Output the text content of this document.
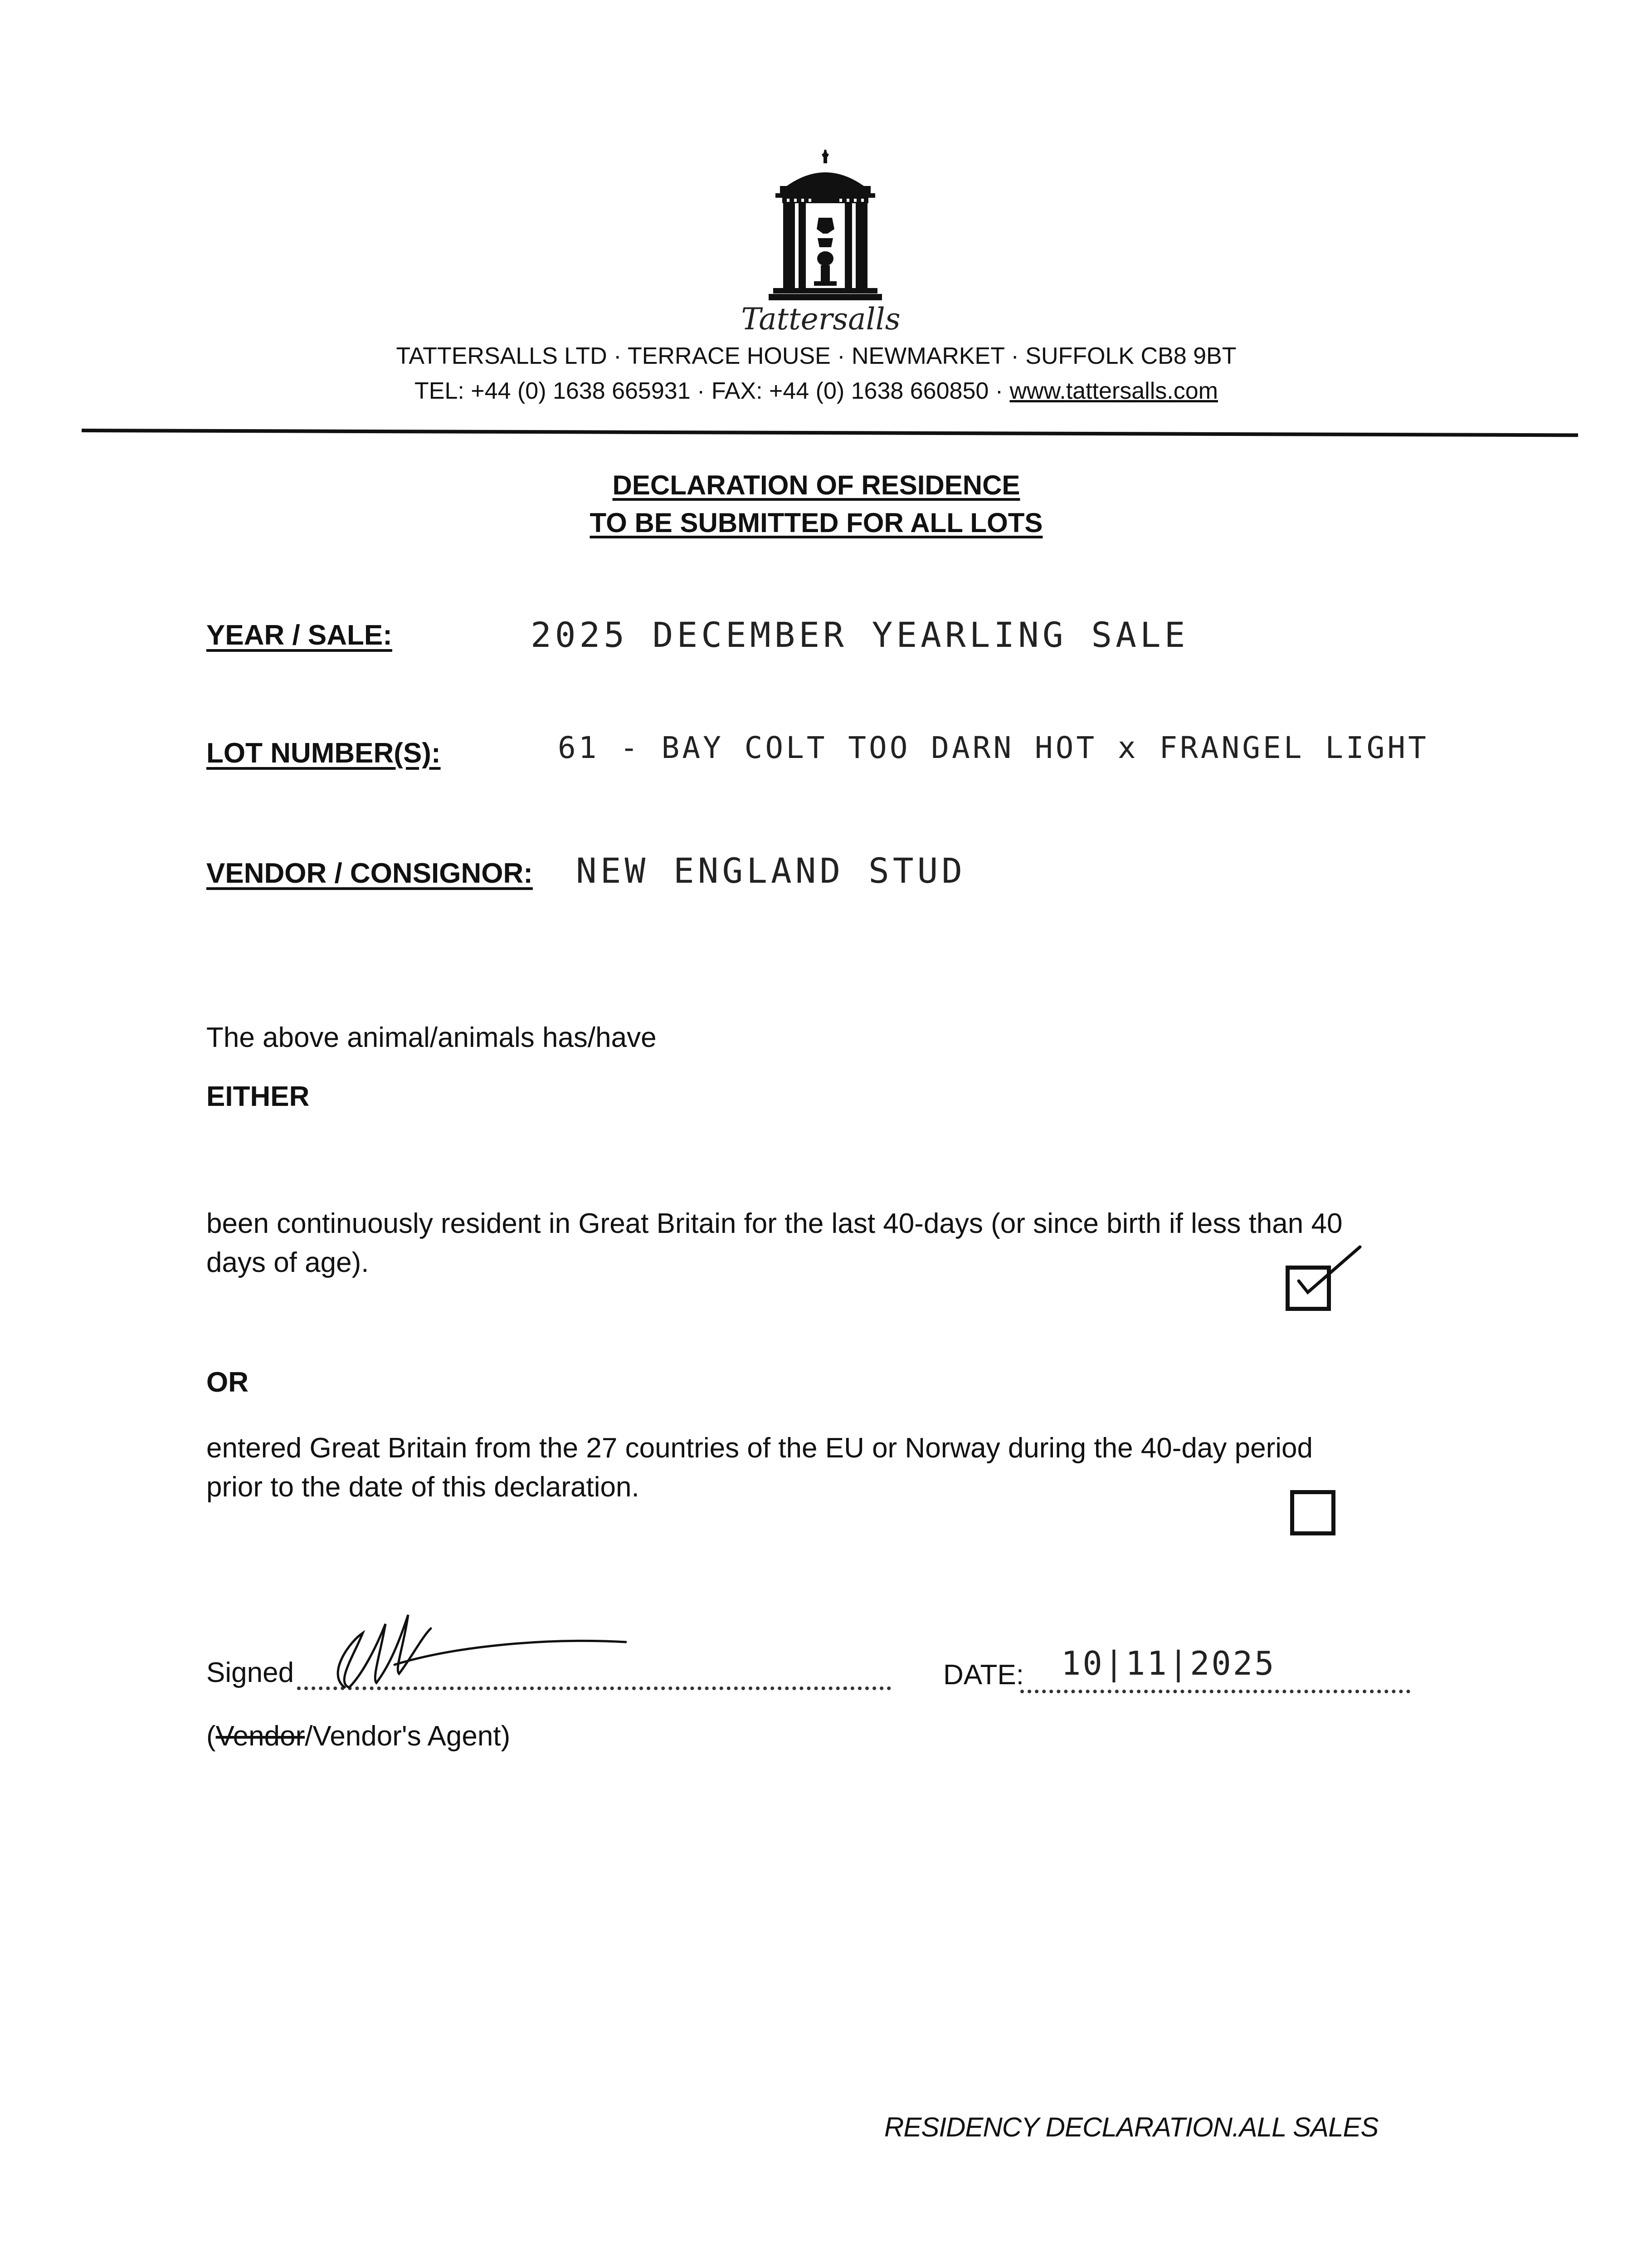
Tattersalls
TATTERSALLS LTD · TERRACE HOUSE · NEWMARKET · SUFFOLK CB8 9BT
TEL: +44 (0) 1638 665931 · FAX: +44 (0) 1638 660850 · www.tattersalls.com
DECLARATION OF RESIDENCE
TO BE SUBMITTED FOR ALL LOTS
YEAR / SALE:	2025 DECEMBER YEARLING SALE
LOT NUMBER(S):	61 - BAY COLT TOO DARN HOT x FRANGEL LIGHT
VENDOR / CONSIGNOR: NEW ENGLAND STUD
The above animal/animals has/have
EITHER
been continuously resident in Great Britain for the last 40-days (or since birth if less than 40
days of age).
OR
entered Great Britain from the 27 countries of the EU or Norway during the 40-day period
prior to the date of this declaration.
Signed	DATE: 10|11|2025
(Vendor/Vendor's Agent)
RESIDENCY DECLARATION.ALL SALES
